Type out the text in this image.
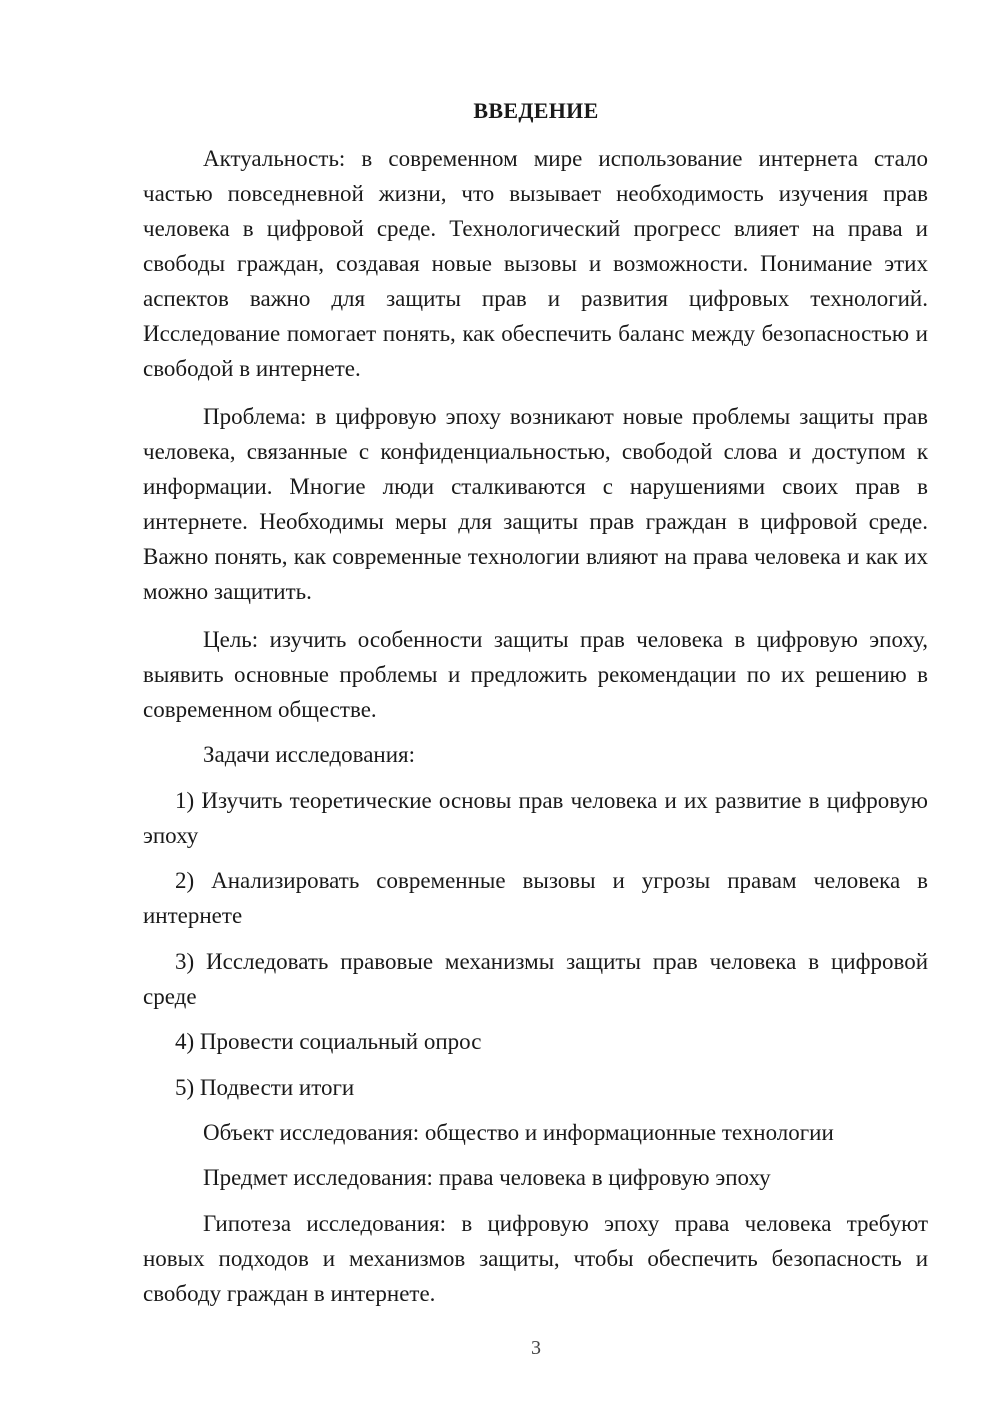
ВВЕДЕНИЕ

Актуальность: в современном мире использование интернета стало частью повседневной жизни, что вызывает необходимость изучения прав человека в цифровой среде. Технологический прогресс влияет на права и свободы граждан, создавая новые вызовы и возможности. Понимание этих аспектов важно для защиты прав и развития цифровых технологий. Исследование помогает понять, как обеспечить баланс между безопасностью и свободой в интернете.

Проблема: в цифровую эпоху возникают новые проблемы защиты прав человека, связанные с конфиденциальностью, свободой слова и доступом к информации. Многие люди сталкиваются с нарушениями своих прав в интернете. Необходимы меры для защиты прав граждан в цифровой среде. Важно понять, как современные технологии влияют на права человека и как их можно защитить.

Цель: изучить особенности защиты прав человека в цифровую эпоху, выявить основные проблемы и предложить рекомендации по их решению в современном обществе.

Задачи исследования:

1) Изучить теоретические основы прав человека и их развитие в цифровую эпоху

2) Анализировать современные вызовы и угрозы правам человека в интернете

3) Исследовать правовые механизмы защиты прав человека в цифровой среде

4) Провести социальный опрос

5) Подвести итоги

Объект исследования: общество и информационные технологии

Предмет исследования: права человека в цифровую эпоху

Гипотеза исследования: в цифровую эпоху права человека требуют новых подходов и механизмов защиты, чтобы обеспечить безопасность и свободу граждан в интернете.

3
